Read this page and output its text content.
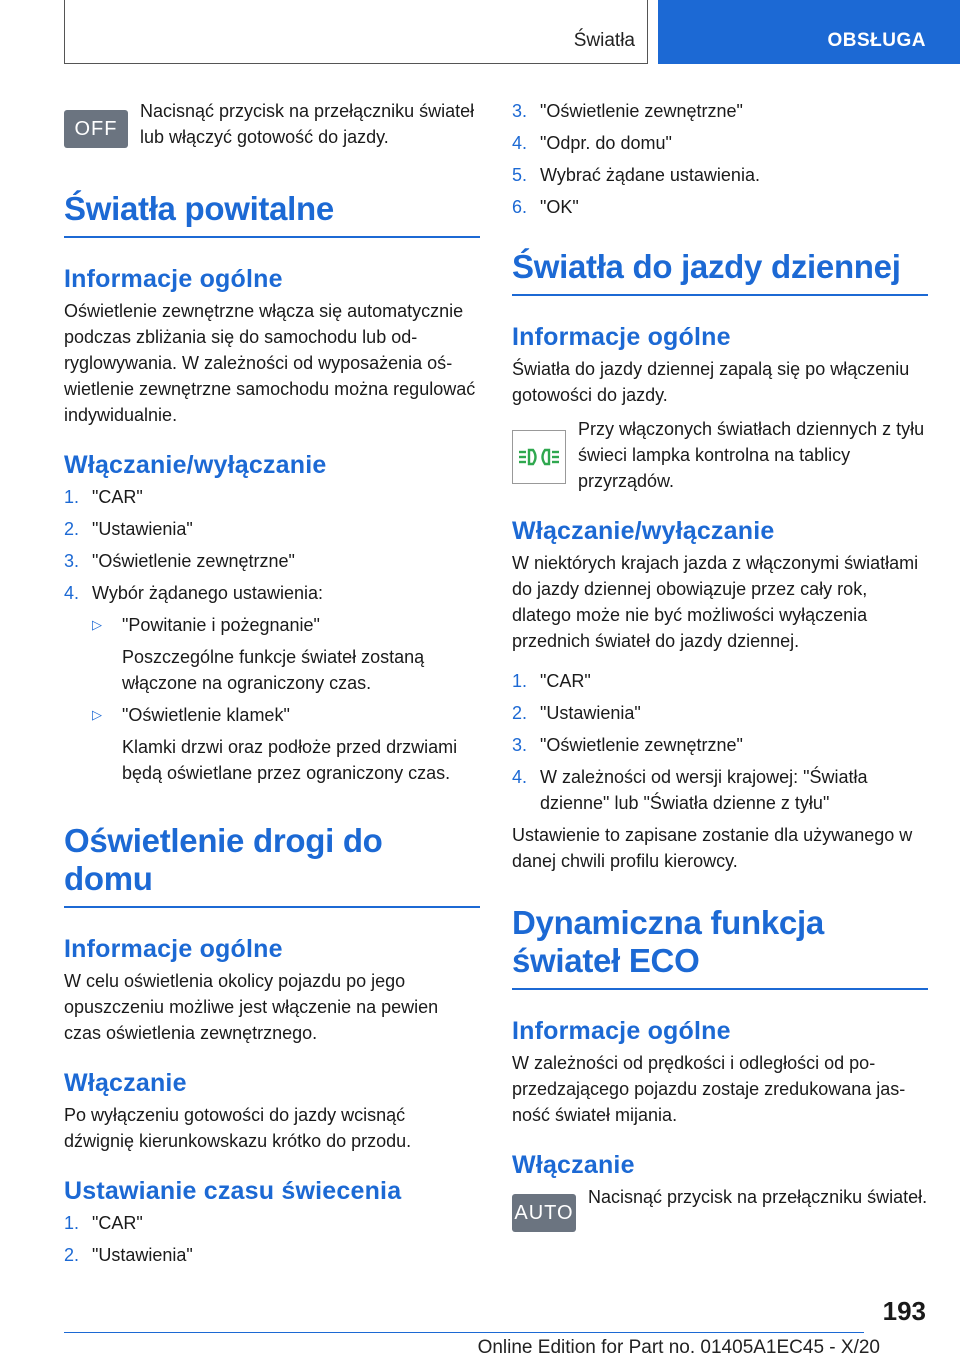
Światła	OBSŁUGA
OFF

Nacisnąć przycisk na przełączniku świateł lub włączyć gotowość do jazdy.

Światła powitalne
Informacje ogólne

Oświetlenie zewnętrzne włącza się automatycznie podczas zbliżania się do samochodu lub odryglowywania. W zależności od wyposażenia oświetlenie zewnętrzne samochodu można regulować indywidualnie.

Włączanie/wyłączanie
1. "CAR"
2. "Ustawienia"
3. "Oświetlenie zewnętrzne"
4. Wybór żądanego ustawienia:
▷	"Powitanie i pożegnanie"
Poszczególne funkcje świateł zostaną włączone na ograniczony czas.
▷	"Oświetlenie klamek"
Klamki drzwi oraz podłoże przed drzwiami będą oświetlane przez ograniczony czas.
Oświetlenie drogi do domu
Informacje ogólne

W celu oświetlenia okolicy pojazdu po jego opuszczeniu możliwe jest włączenie na pewien czas oświetlenia zewnętrznego.

Włączanie

Po wyłączeniu gotowości do jazdy wcisnąć dźwignię kierunkowskazu krótko do przodu.

Ustawianie czasu świecenia
1. "CAR"
2. "Ustawienia"
3. "Oświetlenie zewnętrzne"
4. "Odpr. do domu"
5. Wybrać żądane ustawienia.
6. "OK"
Światła do jazdy dziennej
Informacje ogólne

Światła do jazdy dziennej zapalą się po włączeniu gotowości do jazdy.

Przy włączonych światłach dziennych z tyłu świeci lampka kontrolna na tablicy przyrządów.

Włączanie/wyłączanie

W niektórych krajach jazda z włączonymi światłami do jazdy dziennej obowiązuje przez cały rok, dlatego może nie być możliwości wyłączenia przednich świateł do jazdy dziennej.

1. "CAR"
2. "Ustawienia"
3. "Oświetlenie zewnętrzne"
4. W zależności od wersji krajowej: "Światła dzienne" lub "Światła dzienne z tyłu"

Ustawienie to zapisane zostanie dla używanego w danej chwili profilu kierowcy.

Dynamiczna funkcja świateł ECO
Informacje ogólne

W zależności od prędkości i odległości od poprzedzającego pojazdu zostaje zredukowana jasność świateł mijania.

Włączanie
AUTO

Nacisnąć przycisk na przełączniku świateł.

193
Online Edition for Part no. 01405A1EC45 - X/20
